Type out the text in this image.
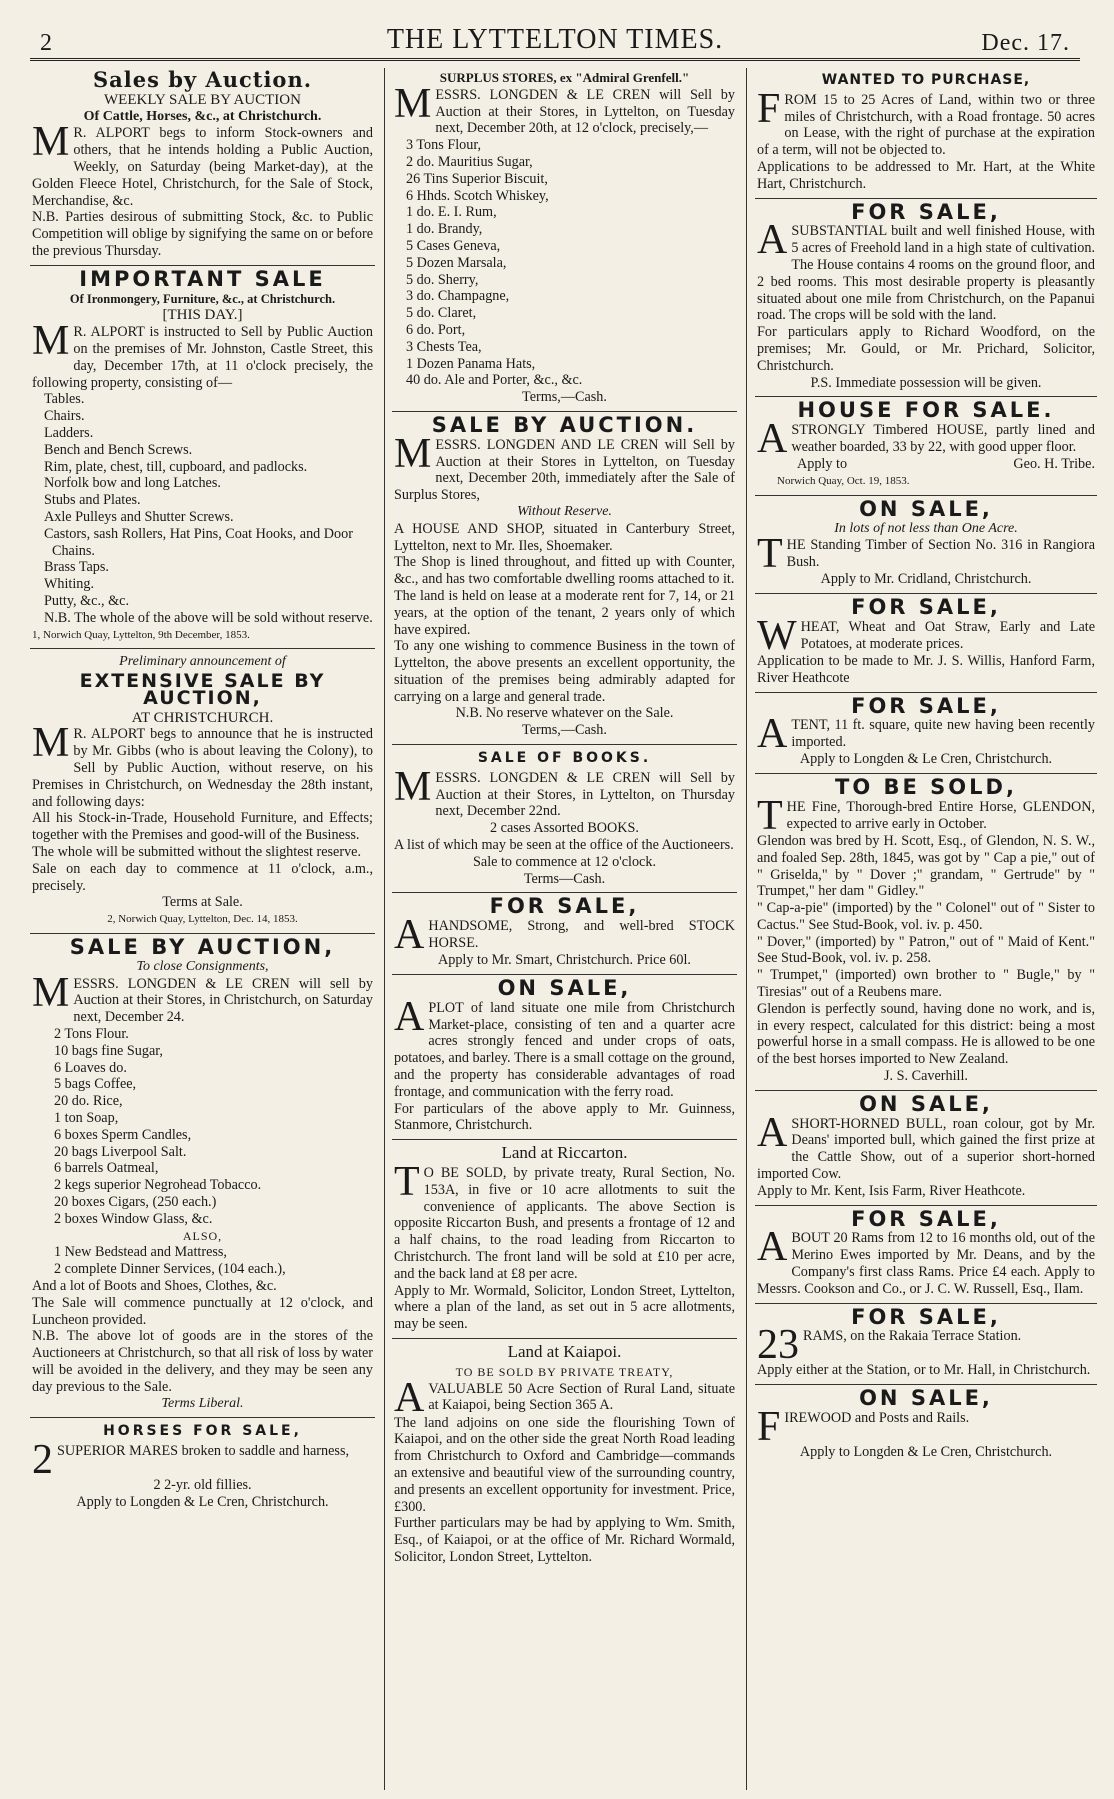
2	THE LYTTELTON TIMES.	Dec. 17.
Sales by Auction.
WEEKLY SALE BY AUCTION
Of Cattle, Horses, &c., at Christchurch.

M R. ALPORT begs to inform Stock-owners and others, that he intends holding a Public Auction, Weekly, on Saturday (being Market-day), at the Golden Fleece Hotel, Christchurch, for the Sale of Stock, Merchandise, &c.

N.B. Parties desirous of submitting Stock, &c. to Public Competition will oblige by signifying the same on or before the previous Thursday.

IMPORTANT SALE
Of Ironmongery, Furniture, &c., at Christchurch.
[THIS DAY.]

M R. ALPORT is instructed to Sell by Public Auction on the premises of Mr. Johnston, Castle Street, this day, December 17th, at 11 o'clock precisely, the following property, consisting of—

Tables.
Chairs.
Ladders.
Bench and Bench Screws.
Rim, plate, chest, till, cupboard, and padlocks.
Norfolk bow and long Latches.
Stubs and Plates.
Axle Pulleys and Shutter Screws.
Castors, sash Rollers, Hat Pins, Coat Hooks, and Door Chains.
Brass Taps.
Whiting.
Putty, &c., &c.
N.B. The whole of the above will be sold without reserve.
1, Norwich Quay, Lyttelton, 9th December, 1853.
Preliminary announcement of
EXTENSIVE SALE BY AUCTION,
AT CHRISTCHURCH.

M R. ALPORT begs to announce that he is instructed by Mr. Gibbs (who is about leaving the Colony), to Sell by Public Auction, without reserve, on his Premises in Christchurch, on Wednesday the 28th instant, and following days:

All his Stock-in-Trade, Household Furniture, and Effects; together with the Premises and good-will of the Business.

The whole will be submitted without the slightest reserve.

Sale on each day to commence at 11 o'clock, a.m., precisely.

Terms at Sale.
2, Norwich Quay, Lyttelton, Dec. 14, 1853.
SALE BY AUCTION,
To close Consignments,

MESSRS. LONGDEN & LE CREN will sell by Auction at their Stores, in Christchurch, on Saturday next, December 24.

2 Tons Flour.
10 bags fine Sugar,
6 Loaves do.
5 bags Coffee,
20 do. Rice,
1 ton Soap,
6 boxes Sperm Candles,
20 bags Liverpool Salt.
6 barrels Oatmeal,
2 kegs superior Negrohead Tobacco.
20 boxes Cigars, (250 each.)
2 boxes Window Glass, &c.
ALSO,
1 New Bedstead and Mattress,
2 complete Dinner Services, (104 each.),

And a lot of Boots and Shoes, Clothes, &c.

The Sale will commence punctually at 12 o'clock, and Luncheon provided.

N.B. The above lot of goods are in the stores of the Auctioneers at Christchurch, so that all risk of loss by water will be avoided in the delivery, and they may be seen any day previous to the Sale.

Terms Liberal.
HORSES FOR SALE,

2 SUPERIOR MARES broken to saddle and harness,

2 2-yr. old fillies.
Apply to Longden & Le Cren, Christchurch.
SURPLUS STORES, ex "Admiral Grenfell."

MESSRS. LONGDEN & LE CREN will Sell by Auction at their Stores, in Lyttelton, on Tuesday next, December 20th, at 12 o'clock, precisely,—

3 Tons Flour,
2 do. Mauritius Sugar,
26 Tins Superior Biscuit,
6 Hhds. Scotch Whiskey,
1 do. E. I. Rum,
1 do. Brandy,
5 Cases Geneva,
5 Dozen Marsala,
5 do. Sherry,
3 do. Champagne,
5 do. Claret,
6 do. Port,
3 Chests Tea,
1 Dozen Panama Hats,
40 do. Ale and Porter, &c., &c.
Terms,—Cash.
SALE BY AUCTION.

MESSRS. LONGDEN AND LE CREN will Sell by Auction at their Stores in Lyttelton, on Tuesday next, December 20th, immediately after the Sale of Surplus Stores,

Without Reserve.

A HOUSE AND SHOP, situated in Canterbury Street, Lyttelton, next to Mr. Iles, Shoemaker.

The Shop is lined throughout, and fitted up with Counter, &c., and has two comfortable dwelling rooms attached to it.

The land is held on lease at a moderate rent for 7, 14, or 21 years, at the option of the tenant, 2 years only of which have expired.

To any one wishing to commence Business in the town of Lyttelton, the above presents an excellent opportunity, the situation of the premises being admirably adapted for carrying on a large and general trade.

N.B. No reserve whatever on the Sale.
Terms,—Cash.
SALE OF BOOKS.

MESSRS. LONGDEN & LE CREN will Sell by Auction at their Stores, in Lyttelton, on Thursday next, December 22nd.

2 cases Assorted BOOKS.

A list of which may be seen at the office of the Auctioneers.

Sale to commence at 12 o'clock.
Terms—Cash.
FOR SALE,

AHANDSOME, Strong, and well-bred STOCK HORSE.

Apply to Mr. Smart, Christchurch. Price 60l.
ON SALE,

APLOT of land situate one mile from Christchurch Market-place, consisting of ten and a quarter acre acres strongly fenced and under crops of oats, potatoes, and barley. There is a small cottage on the ground, and the property has considerable advantages of road frontage, and communication with the ferry road.

For particulars of the above apply to Mr. Guinness, Stanmore, Christchurch.

Land at Riccarton.

T O BE SOLD, by private treaty, Rural Section, No. 153A, in five or 10 acre allotments to suit the convenience of applicants. The above Section is opposite Riccarton Bush, and presents a frontage of 12 and a half chains, to the road leading from Riccarton to Christchurch. The front land will be sold at £10 per acre, and the back land at £8 per acre.

Apply to Mr. Wormald, Solicitor, London Street, Lyttelton, where a plan of the land, as set out in 5 acre allotments, may be seen.

Land at Kaiapoi.
TO BE SOLD BY PRIVATE TREATY,

AVALUABLE 50 Acre Section of Rural Land, situate at Kaiapoi, being Section 365 A.

The land adjoins on one side the flourishing Town of Kaiapoi, and on the other side the great North Road leading from Christchurch to Oxford and Cambridge—commands an extensive and beautiful view of the surrounding country, and presents an excellent opportunity for investment. Price, £300.

Further particulars may be had by applying to Wm. Smith, Esq., of Kaiapoi, or at the office of Mr. Richard Wormald, Solicitor, London Street, Lyttelton.

WANTED TO PURCHASE,

FROM 15 to 25 Acres of Land, within two or three miles of Christchurch, with a Road frontage. 50 acres on Lease, with the right of purchase at the expiration of a term, will not be objected to.

Applications to be addressed to Mr. Hart, at the White Hart, Christchurch.

FOR SALE,

ASUBSTANTIAL built and well finished House, with 5 acres of Freehold land in a high state of cultivation. The House contains 4 rooms on the ground floor, and 2 bed rooms. This most desirable property is pleasantly situated about one mile from Christchurch, on the Papanui road. The crops will be sold with the land.

For particulars apply to Richard Woodford, on the premises; Mr. Gould, or Mr. Prichard, Solicitor, Christchurch.

P.S. Immediate possession will be given.
HOUSE FOR SALE.

ASTRONGLY Timbered HOUSE, partly lined and weather boarded, 33 by 22, with good upper floor.

Apply to	Geo. H. Tribe.
Norwich Quay, Oct. 19, 1853.
ON SALE,
In lots of not less than One Acre.

THE Standing Timber of Section No. 316 in Rangiora Bush.

Apply to Mr. Cridland, Christchurch.
FOR SALE,

WHEAT, Wheat and Oat Straw, Early and Late Potatoes, at moderate prices.

Application to be made to Mr. J. S. Willis, Hanford Farm, River Heathcote

FOR SALE,

ATENT, 11 ft. square, quite new having been recently imported.

Apply to Longden & Le Cren, Christchurch.
TO BE SOLD,

THE Fine, Thorough-bred Entire Horse, GLENDON, expected to arrive early in October.

Glendon was bred by H. Scott, Esq., of Glendon, N. S. W., and foaled Sep. 28th, 1845, was got by " Cap a pie," out of " Griselda," by " Dover ;" grandam, " Gertrude" by " Trumpet," her dam " Gidley."

" Cap-a-pie" (imported) by the " Colonel" out of " Sister to Cactus." See Stud-Book, vol. iv. p. 450.

" Dover," (imported) by " Patron," out of " Maid of Kent." See Stud-Book, vol. iv. p. 258.

" Trumpet," (imported) own brother to " Bugle," by " Tiresias" out of a Reubens mare.

Glendon is perfectly sound, having done no work, and is, in every respect, calculated for this district: being a most powerful horse in a small compass. He is allowed to be one of the best horses imported to New Zealand.

J. S. Caverhill.
ON SALE,

ASHORT-HORNED BULL, roan colour, got by Mr. Deans' imported bull, which gained the first prize at the Cattle Show, out of a superior short-horned imported Cow.

Apply to Mr. Kent, Isis Farm, River Heathcote.

FOR SALE,

ABOUT 20 Rams from 12 to 16 months old, out of the Merino Ewes imported by Mr. Deans, and by the Company's first class Rams. Price £4 each. Apply to Messrs. Cookson and Co., or J. C. W. Russell, Esq., Ilam.

FOR SALE,

23 RAMS, on the Rakaia Terrace Station.

Apply either at the Station, or to Mr. Hall, in Christchurch.

ON SALE,

FIREWOOD and Posts and Rails.

Apply to Longden & Le Cren, Christchurch.
